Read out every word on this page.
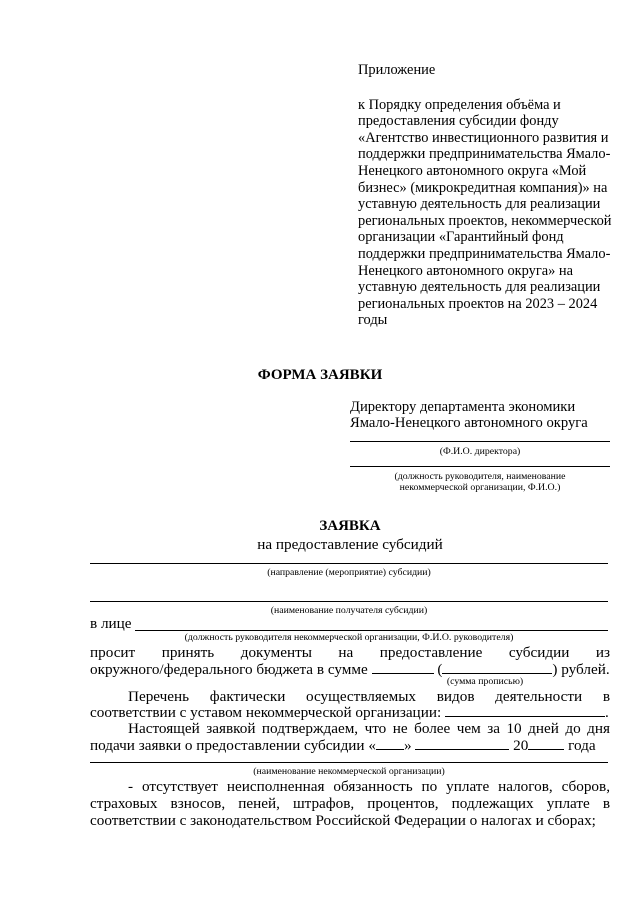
Приложение
к Порядку определения объёма и предоставления субсидии фонду «Агентство инвестиционного развития и поддержки предпринимательства Ямало-Ненецкого автономного округа «Мой бизнес» (микрокредитная компания)» на уставную деятельность для реализации региональных проектов, некоммерческой организации «Гарантийный фонд поддержки предпринимательства Ямало-Ненецкого автономного округа» на уставную деятельность для реализации региональных проектов на 2023 – 2024 годы
ФОРМА ЗАЯВКИ
Директору департамента экономики
Ямало-Ненецкого автономного округа
(Ф.И.О. директора)
(должность руководителя, наименование
некоммерческой организации, Ф.И.О.)
ЗАЯВКА
на предоставление субсидий
(направление (мероприятие) субсидии)
(наименование получателя субсидии)
в лице
(должность руководителя некоммерческой организации, Ф.И.О. руководителя)
просит принять документы на предоставление субсидии из
окружного/федерального бюджета в сумме	(	) рублей.
(сумма прописью)
Перечень фактически осуществляемых видов деятельности в
соответствии с уставом некоммерческой организации:	.
Настоящей заявкой подтверждаем, что не более чем за 10 дней до дня
подачи заявки о предоставлении субсидии « »	20	года
(наименование некоммерческой организации)
- отсутствует неисполненная обязанность по уплате налогов, сборов,
страховых взносов, пеней, штрафов, процентов, подлежащих уплате в
соответствии с законодательством Российской Федерации о налогах и сборах;
